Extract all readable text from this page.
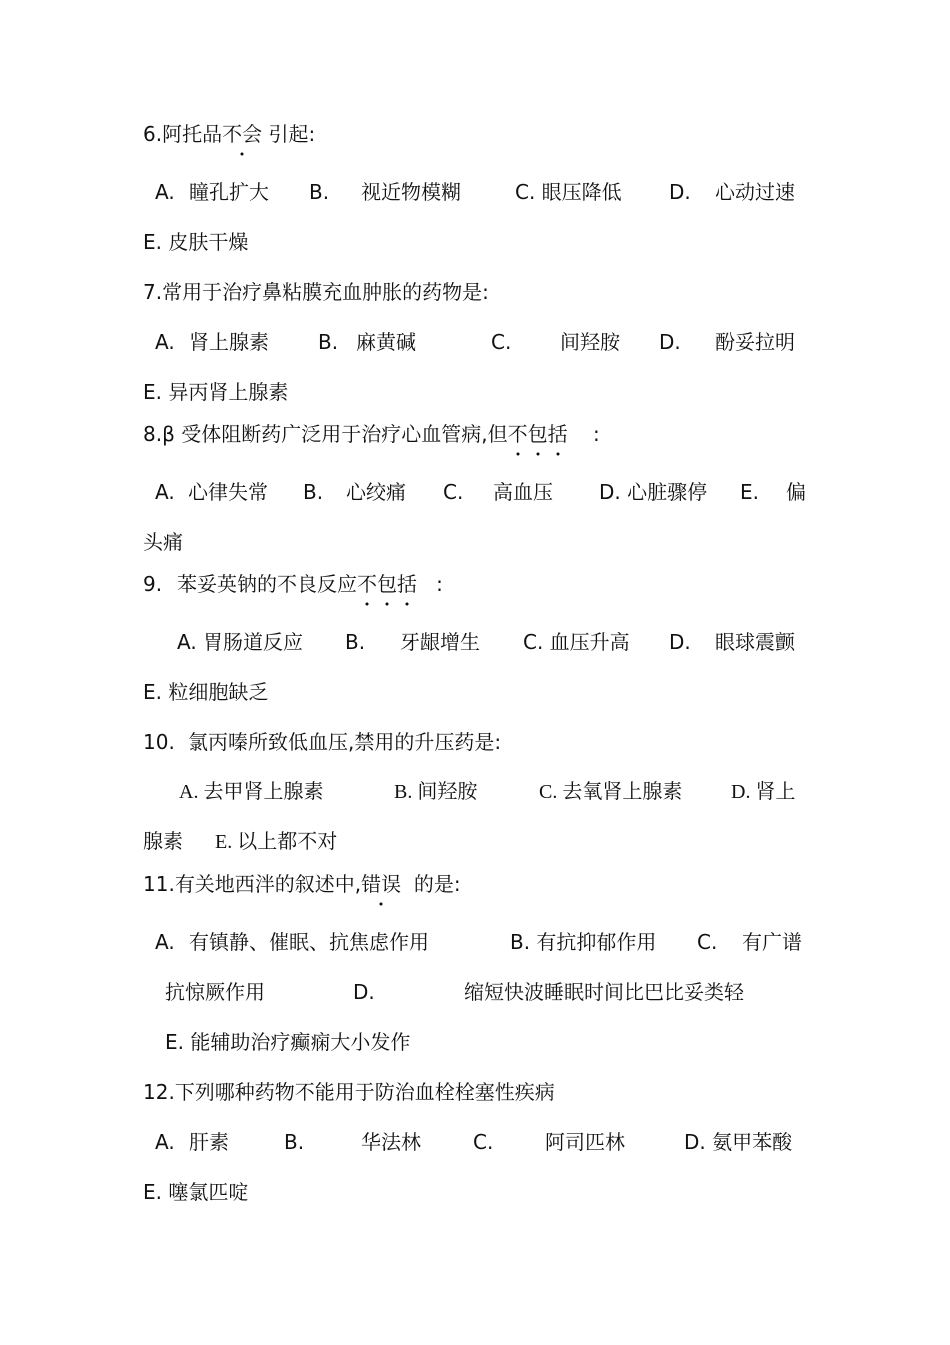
6.阿托品不会 引起:
A. 瞳孔扩大 B. 视近物模糊	C. 眼压降低 D. 心动过速
E. 皮肤干燥
7.常用于治疗鼻粘膜充血肿胀的药物是:
A. 肾上腺素 B. 麻黄碱	C. 间羟胺 D. 酚妥拉明
E. 异丙肾上腺素
8.β 受体阻断药广泛用于治疗心血管病,但不包括 :
A. 心律失常 B. 心绞痛 C. 高血压 D. 心脏骤停 E. 偏
头痛
9. 苯妥英钠的不良反应不包括 :
A. 胃肠道反应 B. 牙龈增生 C. 血压升高 D. 眼球震颤
E. 粒细胞缺乏
10. 氯丙嗪所致低血压,禁用的升压药是:
A. 去甲肾上腺素	B. 间羟胺	C. 去氧肾上腺素 D. 肾上
腺素 E. 以上都不对
11.有关地西泮的叙述中,错误 的是:
A. 有镇静、催眠、抗焦虑作用	B. 有抗抑郁作用 C. 有广谱
抗惊厥作用	D.	缩短快波睡眠时间比巴比妥类轻
E. 能辅助治疗癫痫大小发作
12.下列哪种药物不能用于防治血栓栓塞性疾病
A. 肝素	B.	华法林	C.	阿司匹林	D. 氨甲苯酸
E. 噻氯匹啶
